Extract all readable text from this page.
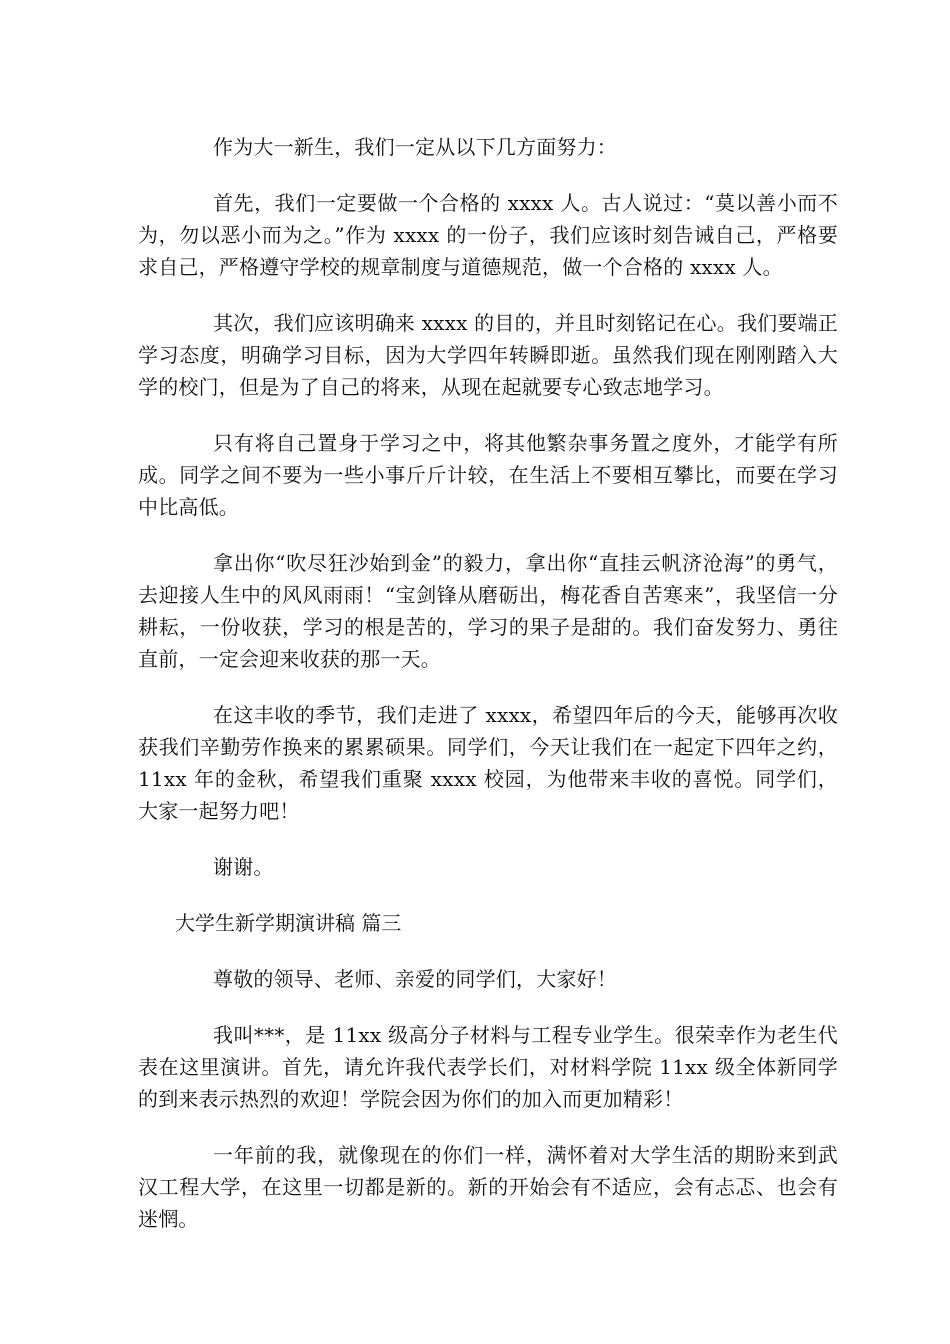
作为大一新生，我们一定从以下几方面努力：

首先，我们一定要做一个合格的 xxxx 人。古人说过：“莫以善小而不为，勿以恶小而为之。”作为 xxxx 的一份子，我们应该时刻告诫自己，严格要求自己，严格遵守学校的规章制度与道德规范，做一个合格的 xxxx 人。

其次，我们应该明确来 xxxx 的目的，并且时刻铭记在心。我们要端正学习态度，明确学习目标，因为大学四年转瞬即逝。虽然我们现在刚刚踏入大学的校门，但是为了自己的将来，从现在起就要专心致志地学习。

只有将自己置身于学习之中，将其他繁杂事务置之度外，才能学有所成。同学之间不要为一些小事斤斤计较，在生活上不要相互攀比，而要在学习中比高低。

拿出你“吹尽狂沙始到金”的毅力，拿出你“直挂云帆济沧海”的勇气，去迎接人生中的风风雨雨！“宝剑锋从磨砺出，梅花香自苦寒来”，我坚信一分耕耘，一份收获，学习的根是苦的，学习的果子是甜的。我们奋发努力、勇往直前，一定会迎来收获的那一天。

在这丰收的季节，我们走进了 xxxx，希望四年后的今天，能够再次收获我们辛勤劳作换来的累累硕果。同学们，今天让我们在一起定下四年之约，11xx 年的金秋，希望我们重聚 xxxx 校园，为他带来丰收的喜悦。同学们，大家一起努力吧！

谢谢。

大学生新学期演讲稿 篇三

尊敬的领导、老师、亲爱的同学们，大家好！

我叫***，是 11xx 级高分子材料与工程专业学生。很荣幸作为老生代表在这里演讲。首先，请允许我代表学长们，对材料学院 11xx 级全体新同学的到来表示热烈的欢迎！学院会因为你们的加入而更加精彩！

一年前的我，就像现在的你们一样，满怀着对大学生活的期盼来到武汉工程大学，在这里一切都是新的。新的开始会有不适应，会有忐忑、也会有迷惘。
